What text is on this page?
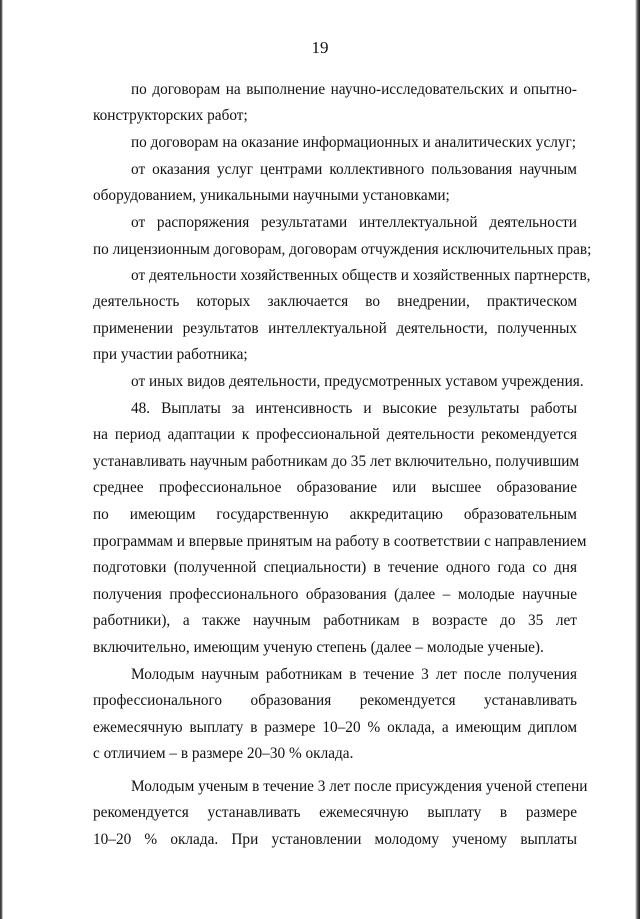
19
по договорам на выполнение научно-исследовательских и опытно-
конструкторских работ;
по договорам на оказание информационных и аналитических услуг;
от оказания услуг центрами коллективного пользования научным
оборудованием, уникальными научными установками;
от распоряжения результатами интеллектуальной деятельности
по лицензионным договорам, договорам отчуждения исключительных прав;
от деятельности хозяйственных обществ и хозяйственных партнерств,
деятельность которых заключается во внедрении, практическом
применении результатов интеллектуальной деятельности, полученных
при участии работника;
от иных видов деятельности, предусмотренных уставом учреждения.
48. Выплаты за интенсивность и высокие результаты работы
на период адаптации к профессиональной деятельности рекомендуется
устанавливать научным работникам до 35 лет включительно, получившим
среднее профессиональное образование или высшее образование
по имеющим государственную аккредитацию образовательным
программам и впервые принятым на работу в соответствии с направлением
подготовки (полученной специальности) в течение одного года со дня
получения профессионального образования (далее – молодые научные
работники), а также научным работникам в возрасте до 35 лет
включительно, имеющим ученую степень (далее – молодые ученые).
Молодым научным работникам в течение 3 лет после получения
профессионального образования рекомендуется устанавливать
ежемесячную выплату в размере 10–20 % оклада, а имеющим диплом
с отличием – в размере 20–30 % оклада.
Молодым ученым в течение 3 лет после присуждения ученой степени
рекомендуется устанавливать ежемесячную выплату в размере
10–20 % оклада. При установлении молодому ученому выплаты
